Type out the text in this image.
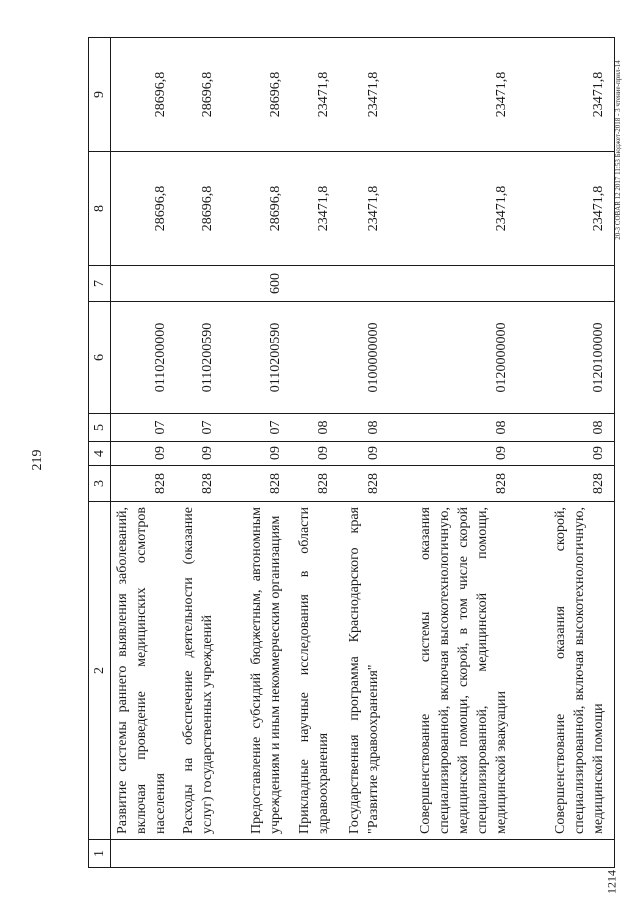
219
1214
20-3 COBAR 12 2017 11:53 Бюджет-2018 - 3 чтение-прил-14
1	2	3	4	5	6	7	8	9
	Развитие системы раннего выявления заболеваний, включая проведение медицинских осмотров населения	828	09	07	0110200000		28696,8	28696,8
	Расходы на обеспечение деятельности (оказание услуг) государственных учреждений	828	09	07	0110200590		28696,8	28696,8
	Предоставление субсидий бюджетным, автономным учреждениям и иным некоммерческим организациям	828	09	07	0110200590	600	28696,8	28696,8
	Прикладные научные исследования в области здравоохранения	828	09	08			23471,8	23471,8
	Государственная программа Краснодарского края "Развитие здравоохранения"	828	09	08	0100000000		23471,8	23471,8
	Совершенствование системы оказания специализированной, включая высокотехнологичную, медицинской помощи, скорой, в том числе скорой специализированной, медицинской помощи, медицинской эвакуации	828	09	08	0120000000		23471,8	23471,8
	Совершенствование оказания скорой, специализированной, включая высокотехнологичную, медицинской помощи	828	09	08	0120100000		23471,8	23471,8
